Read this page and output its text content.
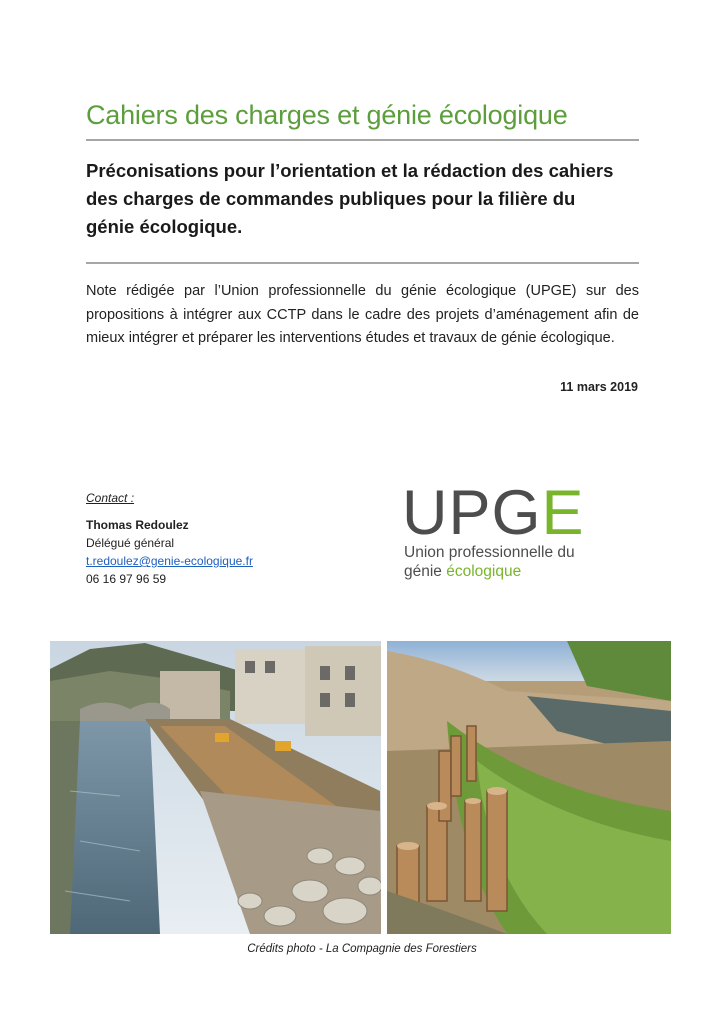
Cahiers des charges et génie écologique
Préconisations pour l’orientation et la rédaction des cahiers
des charges de commandes publiques pour la filière du
génie écologique.
Note rédigée par l’Union professionnelle du génie écologique (UPGE) sur des propositions à intégrer aux CCTP dans le cadre des projets d’aménagement afin de mieux intégrer et préparer les interventions études et travaux de génie écologique.
11 mars 2019
Contact :
Thomas Redoulez
Délégué général
t.redoulez@genie-ecologique.fr
06 16 97 96 59
UPGE
Union professionnelle du
génie écologique
Crédits photo - La Compagnie des Forestiers
